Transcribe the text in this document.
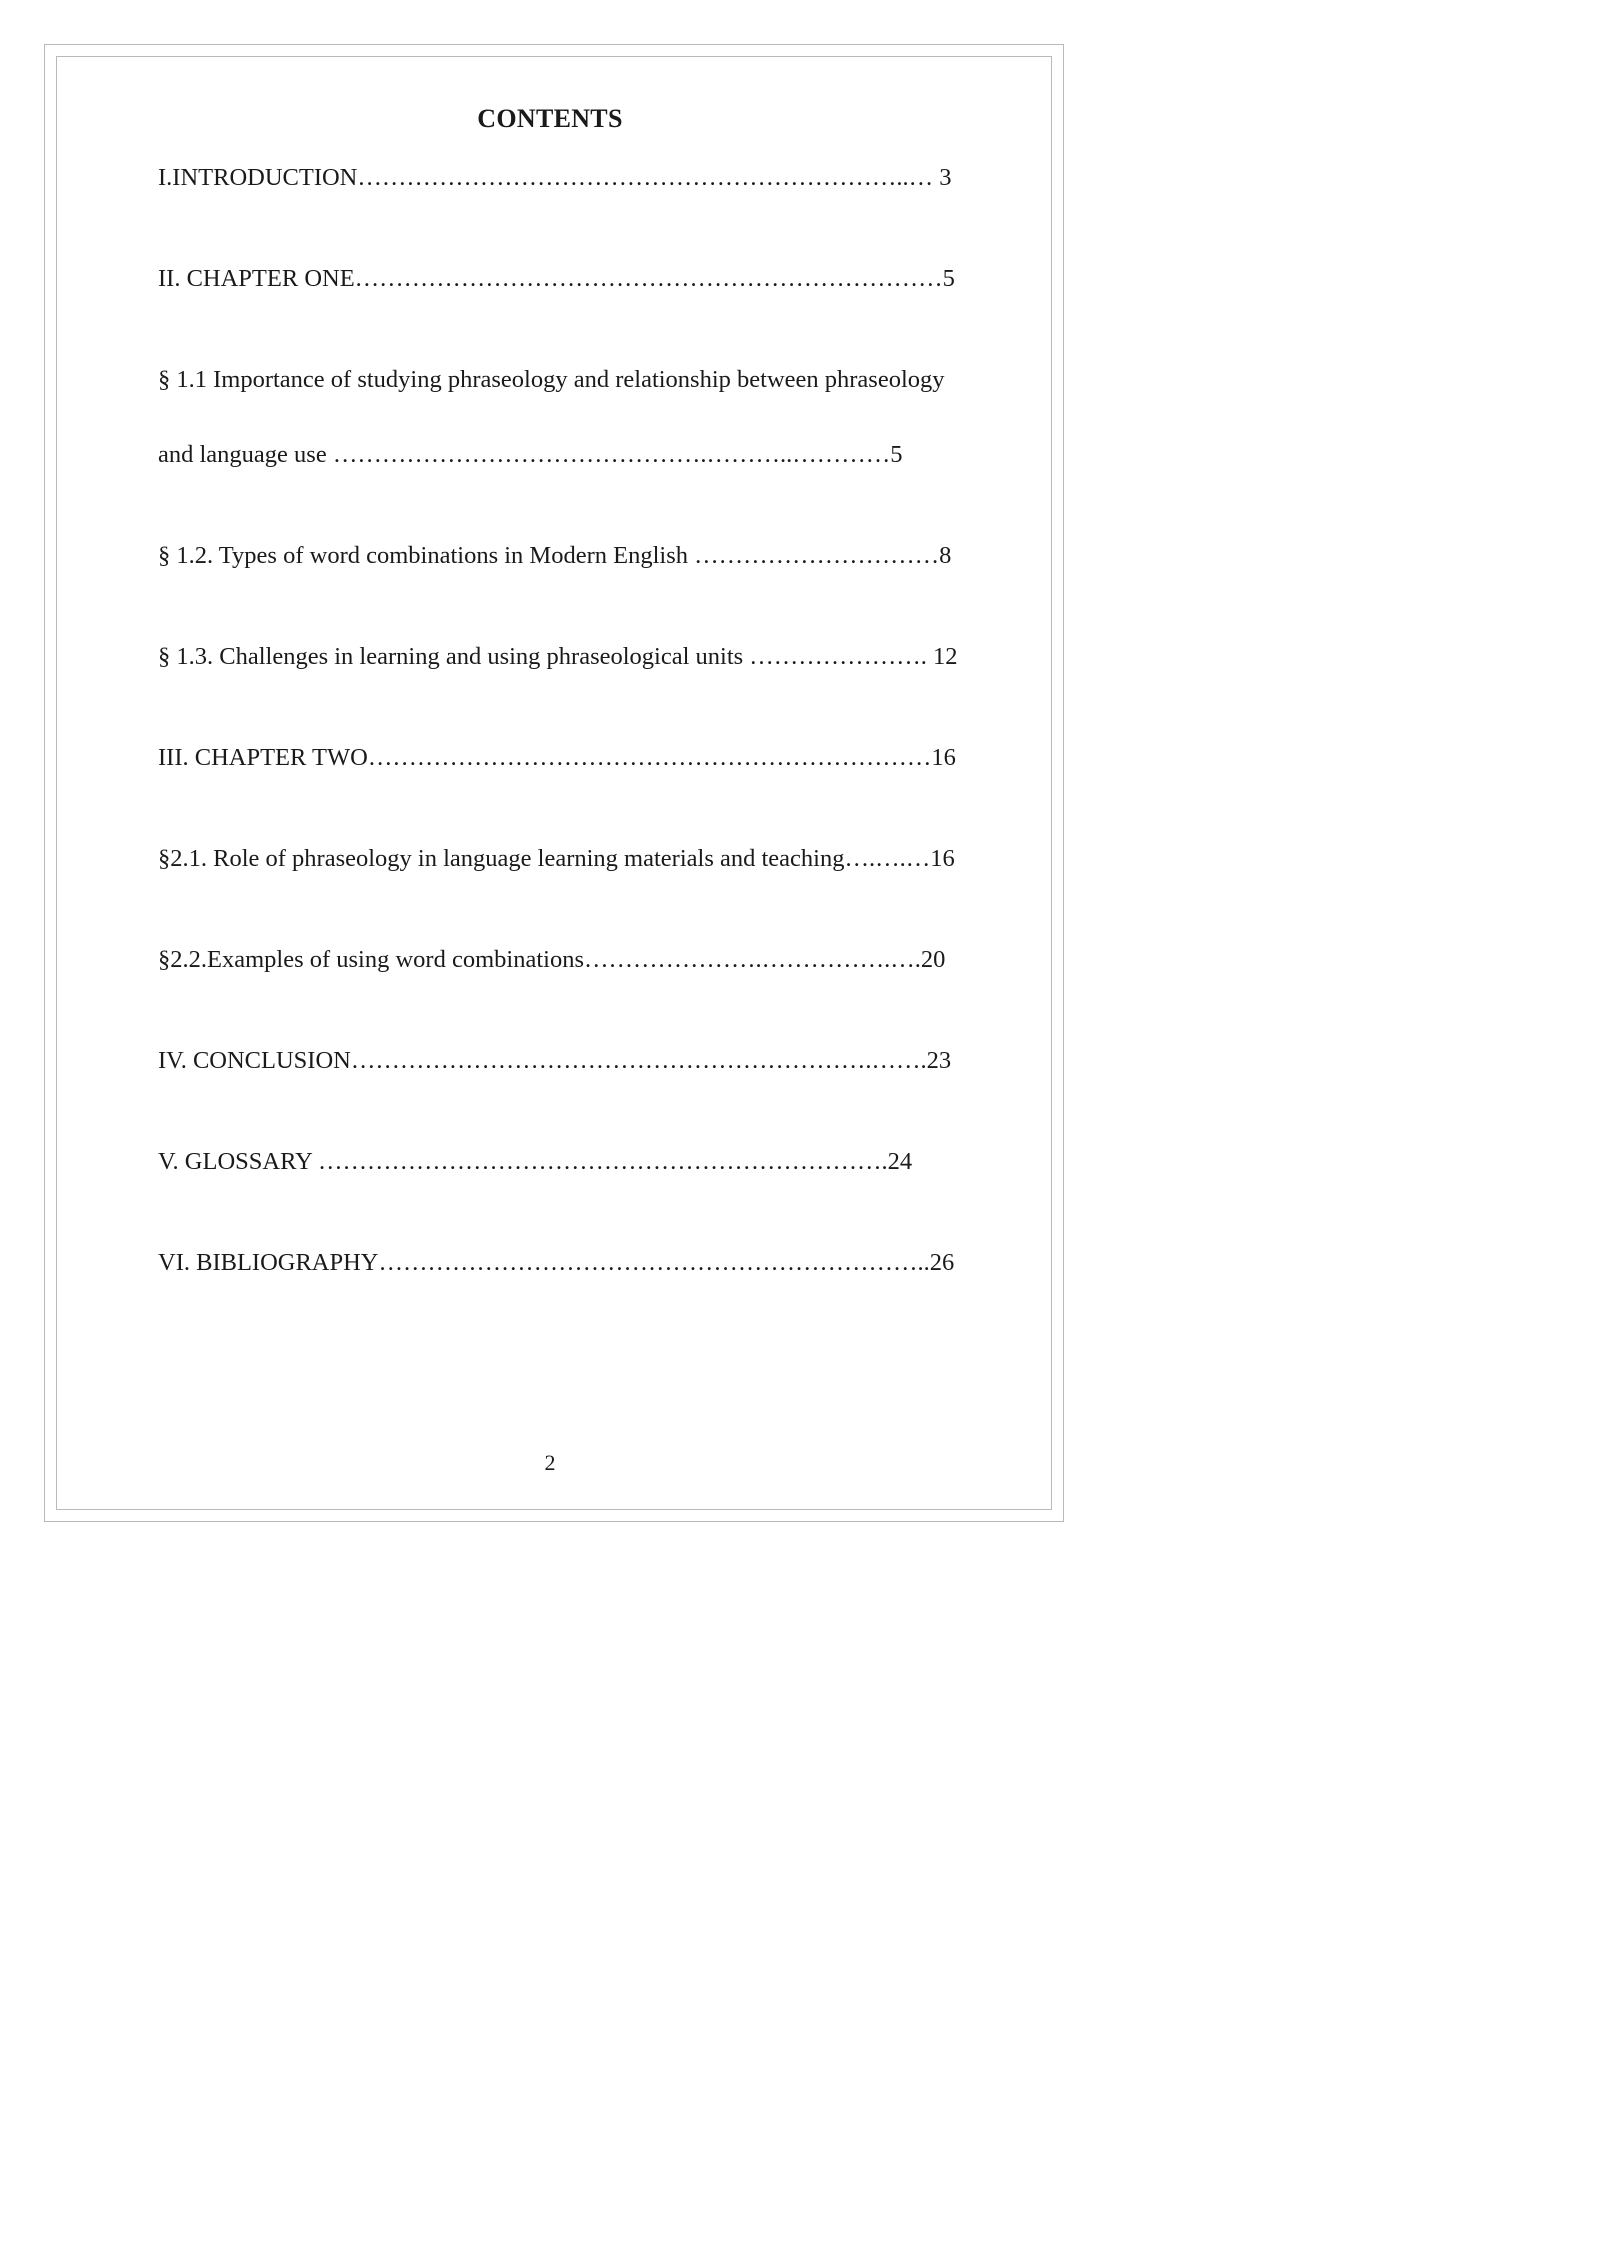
CONTENTS
I.INTRODUCTION…………………………………………………………..… 3
II. CHAPTER ONE………………………………………………………………5
§ 1.1 Importance of studying phraseology and relationship between phraseology
and language use ……………………………………….………..…………5
§ 1.2. Types of word combinations in Modern English …………………………8
§ 1.3. Challenges in learning and using phraseological units …………………. 12
III. CHAPTER TWO……………………………………………………………16
§2.1. Role of phraseology in language learning materials and teaching….….…16
§2.2.Examples of using word combinations………………….…………….….20
IV. CONCLUSION……………………………………………………….…….23
V. GLOSSARY …………………………………………………………….24
VI. BIBLIOGRAPHY…………………………………………………………..26
2
